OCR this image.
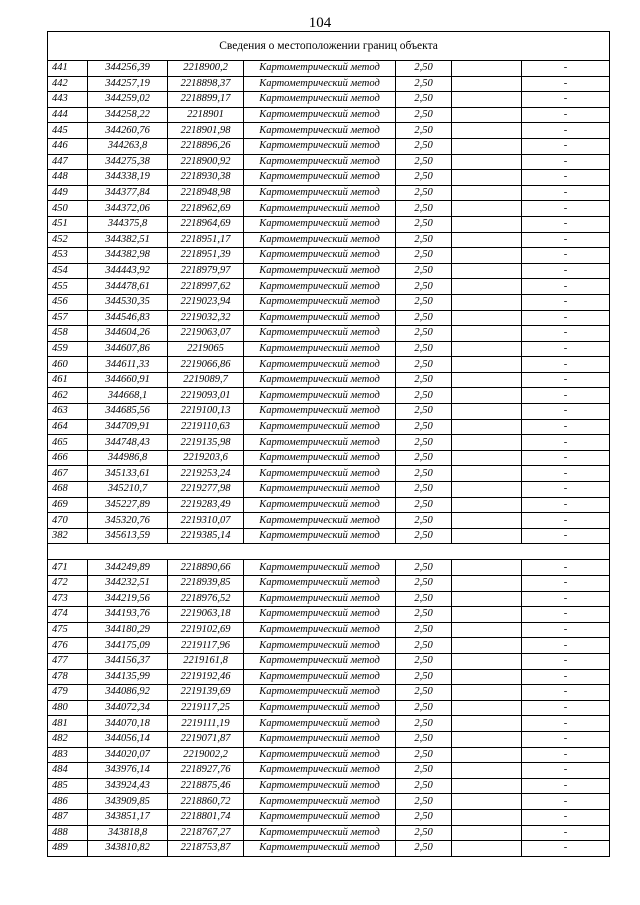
104
Сведения о местоположении границ объекта						
441	344256,39	2218900,2	Картометрический метод	2,50		-
442	344257,19	2218898,37	Картометрический метод	2,50		-
443	344259,02	2218899,17	Картометрический метод	2,50		-
444	344258,22	2218901	Картометрический метод	2,50		-
445	344260,76	2218901,98	Картометрический метод	2,50		-
446	344263,8	2218896,26	Картометрический метод	2,50		-
447	344275,38	2218900,92	Картометрический метод	2,50		-
448	344338,19	2218930,38	Картометрический метод	2,50		-
449	344377,84	2218948,98	Картометрический метод	2,50		-
450	344372,06	2218962,69	Картометрический метод	2,50		-
451	344375,8	2218964,69	Картометрический метод	2,50		-
452	344382,51	2218951,17	Картометрический метод	2,50		-
453	344382,98	2218951,39	Картометрический метод	2,50		-
454	344443,92	2218979,97	Картометрический метод	2,50		-
455	344478,61	2218997,62	Картометрический метод	2,50		-
456	344530,35	2219023,94	Картометрический метод	2,50		-
457	344546,83	2219032,32	Картометрический метод	2,50		-
458	344604,26	2219063,07	Картометрический метод	2,50		-
459	344607,86	2219065	Картометрический метод	2,50		-
460	344611,33	2219066,86	Картометрический метод	2,50		-
461	344660,91	2219089,7	Картометрический метод	2,50		-
462	344668,1	2219093,01	Картометрический метод	2,50		-
463	344685,56	2219100,13	Картометрический метод	2,50		-
464	344709,91	2219110,63	Картометрический метод	2,50		-
465	344748,43	2219135,98	Картометрический метод	2,50		-
466	344986,8	2219203,6	Картометрический метод	2,50		-
467	345133,61	2219253,24	Картометрический метод	2,50		-
468	345210,7	2219277,98	Картометрический метод	2,50		-
469	345227,89	2219283,49	Картометрический метод	2,50		-
470	345320,76	2219310,07	Картометрический метод	2,50		-
382	345613,59	2219385,14	Картометрический метод	2,50		-

471	344249,89	2218890,66	Картометрический метод	2,50		-
472	344232,51	2218939,85	Картометрический метод	2,50		-
473	344219,56	2218976,52	Картометрический метод	2,50		-
474	344193,76	2219063,18	Картометрический метод	2,50		-
475	344180,29	2219102,69	Картометрический метод	2,50		-
476	344175,09	2219117,96	Картометрический метод	2,50		-
477	344156,37	2219161,8	Картометрический метод	2,50		-
478	344135,99	2219192,46	Картометрический метод	2,50		-
479	344086,92	2219139,69	Картометрический метод	2,50		-
480	344072,34	2219117,25	Картометрический метод	2,50		-
481	344070,18	2219111,19	Картометрический метод	2,50		-
482	344056,14	2219071,87	Картометрический метод	2,50		-
483	344020,07	2219002,2	Картометрический метод	2,50		-
484	343976,14	2218927,76	Картометрический метод	2,50		-
485	343924,43	2218875,46	Картометрический метод	2,50		-
486	343909,85	2218860,72	Картометрический метод	2,50		-
487	343851,17	2218801,74	Картометрический метод	2,50		-
488	343818,8	2218767,27	Картометрический метод	2,50		-
489	343810,82	2218753,87	Картометрический метод	2,50		-
